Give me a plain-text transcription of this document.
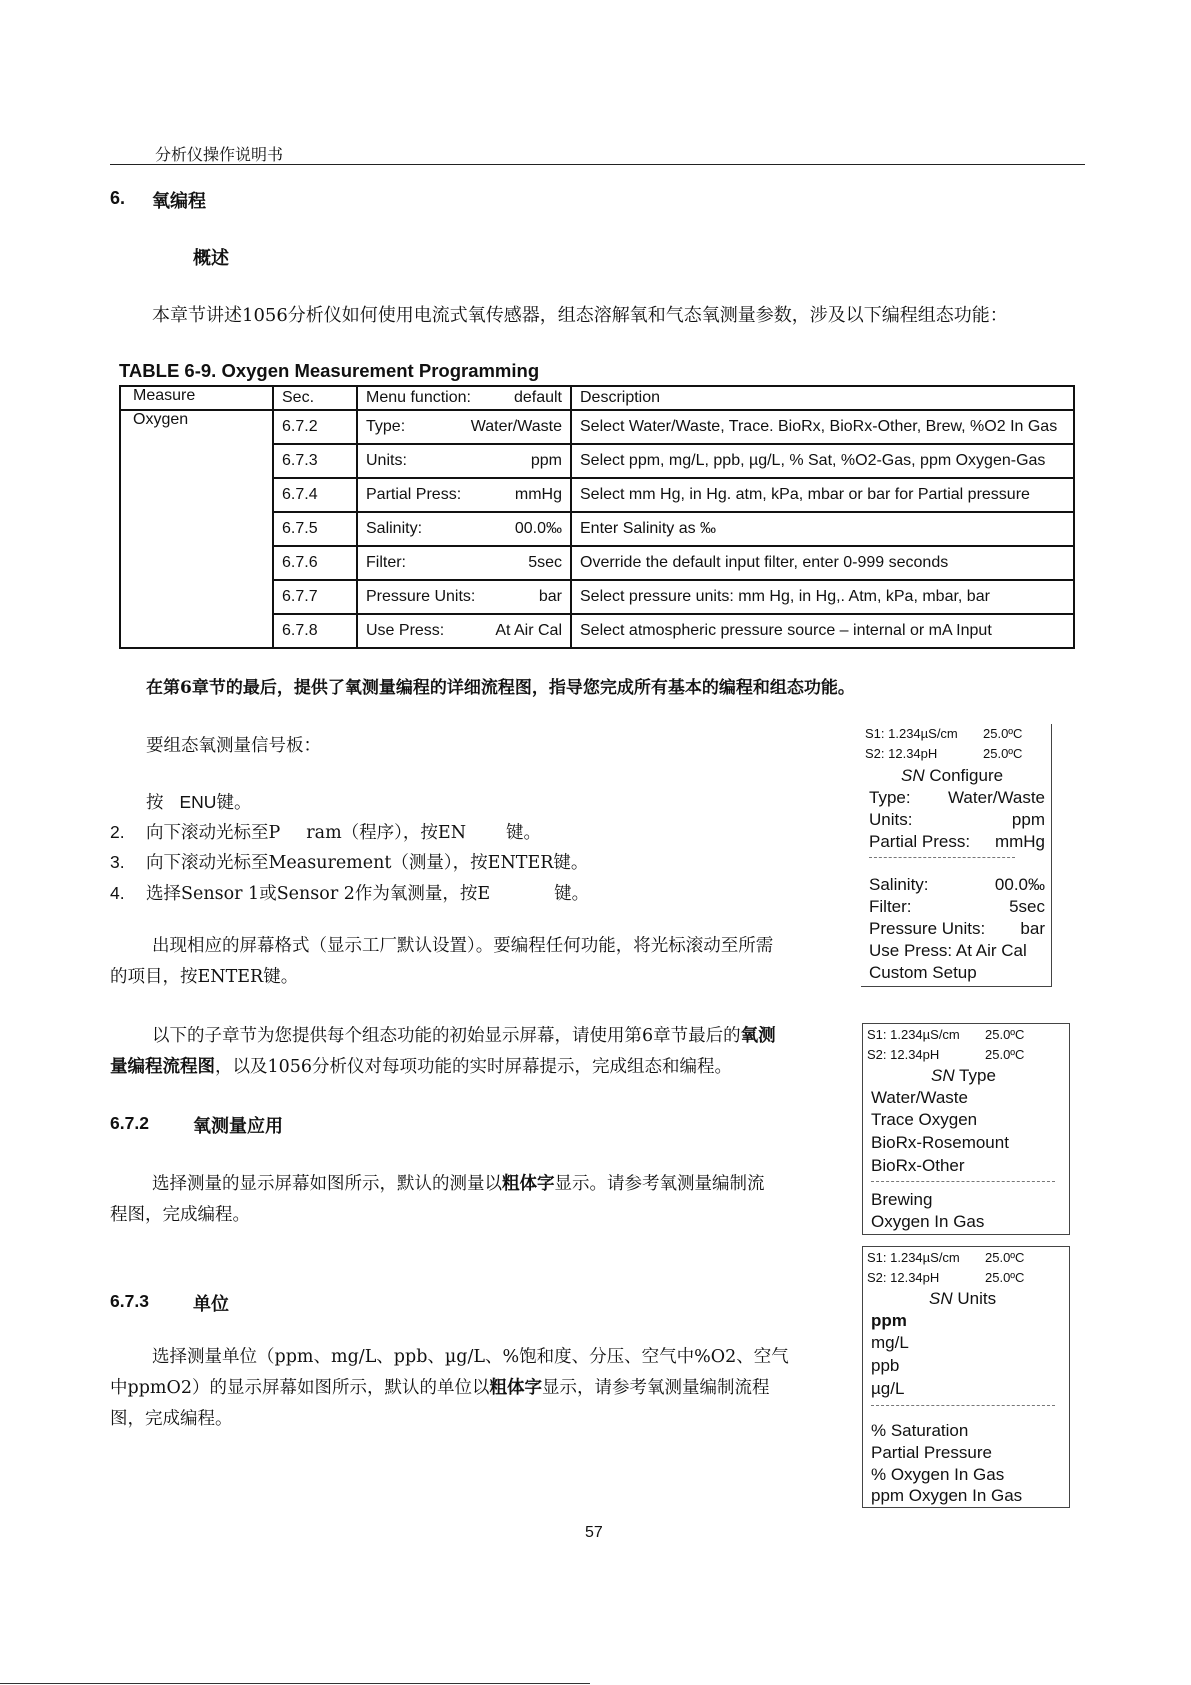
分析仪操作说明书
6. 氧编程
概述
本章节讲述1056分析仪如何使用电流式氧传感器，组态溶解氧和气态氧测量参数，涉及以下编程组态功能：
TABLE 6-9. Oxygen Measurement Programming
Measure	Sec.	Menu function: default	Description
Oxygen	6.7.2	Type: Water/Waste	Select Water/Waste, Trace. BioRx, BioRx-Other, Brew, %O2 In Gas
	6.7.3	Units: ppm	Select ppm, mg/L, ppb, µg/L, % Sat, %O2-Gas, ppm Oxygen-Gas
	6.7.4	Partial Press: mmHg	Select mm Hg, in Hg. atm, kPa, mbar or bar for Partial pressure
	6.7.5	Salinity: 00.0‰	Enter Salinity as ‰
	6.7.6	Filter: 5sec	Override the default input filter, enter 0-999 seconds
	6.7.7	Pressure Units: bar	Select pressure units: mm Hg, in Hg,. Atm, kPa, mbar, bar
	6.7.8	Use Press: At Air Cal	Select atmospheric pressure source – internal or mA Input
在第6章节的最后，提供了氧测量编程的详细流程图，指导您完成所有基本的编程和组态功能。
要组态氧测量信号板：
按 ENU键。
2. 向下滚动光标至P ram（程序），按EN 键。
3. 向下滚动光标至Measurement（测量），按ENTER键。
4. 选择Sensor 1或Sensor 2作为氧测量，按E	键。
出现相应的屏幕格式（显示工厂默认设置）。要编程任何功能，将光标滚动至所需
的项目，按ENTER键。
以下的子章节为您提供每个组态功能的初始显示屏幕，请使用第6章节最后的氧测
量编程流程图，以及1056分析仪对每项功能的实时屏幕提示，完成组态和编程。
6.7.2 氧测量应用
选择测量的显示屏幕如图所示，默认的测量以粗体字显示。请参考氧测量编制流
程图，完成编程。
6.7.3 单位
选择测量单位（ppm、mg/L、ppb、µg/L、%饱和度、分压、空气中%O2、空气
中ppmO2）的显示屏幕如图所示，默认的单位以粗体字显示，请参考氧测量编制流程
图，完成编程。
S1: 1.234µS/cm 25.0ºC
S2: 12.34pH	25.0ºC
SN Configure
Type: Water/Waste
Units:	ppm
Partial Press: mmHg
Salinity:	00.0‰
Filter:	5sec
Pressure Units: bar
Use Press: At Air Cal
Custom Setup
S1: 1.234µS/cm 25.0ºC
S2: 12.34pH	25.0ºC
SN Type
Water/Waste
Trace Oxygen
BioRx-Rosemount
BioRx-Other
Brewing
Oxygen In Gas
S1: 1.234µS/cm 25.0ºC
S2: 12.34pH	25.0ºC
SN Units
ppm
mg/L
ppb
µg/L
% Saturation
Partial Pressure
% Oxygen In Gas
ppm Oxygen In Gas
57
